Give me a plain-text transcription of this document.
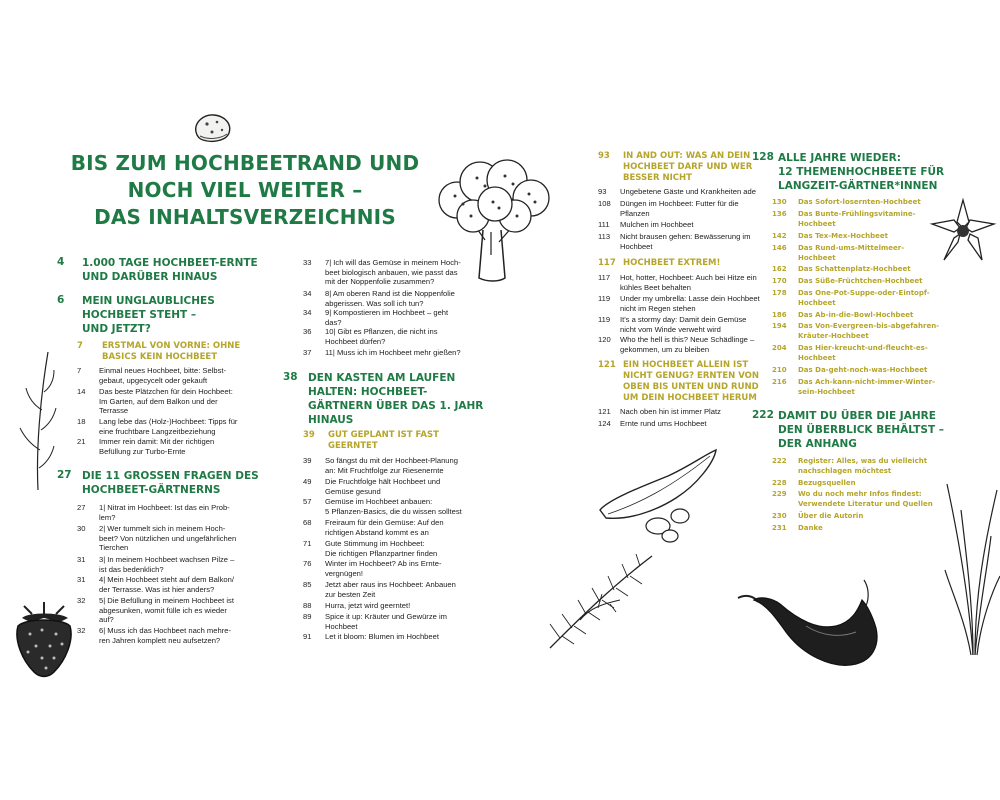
BIS ZUM HOCHBEETRAND UND
NOCH VIEL WEITER –
DAS INHALTSVERZEICHNIS
4	1.000 TAGE HOCHBEET-ERNTE
UND DARÜBER HINAUS
6	MEIN UNGLAUBLICHES
HOCHBEET STEHT –
UND JETZT?
7	ERSTMAL VON VORNE: OHNE
BASICS KEIN HOCHBEET
7	Einmal neues Hochbeet, bitte: Selbst-
gebaut, upgecycelt oder gekauft
14	Das beste Plätzchen für dein Hochbeet:
Im Garten, auf dem Balkon und der
Terrasse
18	Lang lebe das (Holz-)Hochbeet: Tipps für
eine fruchtbare Langzeitbeziehung
21	Immer rein damit: Mit der richtigen
Befüllung zur Turbo-Ernte
27 DIE 11 GROSSEN FRAGEN DES
HOCHBEET-GÄRTNERNS
27	1| Nitrat im Hochbeet: Ist das ein Prob-
lem?
30	2| Wer tummelt sich in meinem Hoch-
beet? Von nützlichen und ungefährlichen
Tierchen
31	3| In meinem Hochbeet wachsen Pilze –
ist das bedenklich?
31	4| Mein Hochbeet steht auf dem Balkon/
der Terrasse. Was ist hier anders?
32	5| Die Befüllung in meinem Hochbeet ist
abgesunken, womit fülle ich es wieder
auf?
32	6| Muss ich das Hochbeet nach mehre-
ren Jahren komplett neu aufsetzen?
33	7| Ich will das Gemüse in meinem Hoch-
beet biologisch anbauen, wie passt das
mit der Noppenfolie zusammen?
34	8| Am oberen Rand ist die Noppenfolie
abgerissen. Was soll ich tun?
34	9| Kompostieren im Hochbeet – geht
das?
36	10| Gibt es Pflanzen, die nicht ins
Hochbeet dürfen?
37	11| Muss ich im Hochbeet mehr gießen?
38 DEN KASTEN AM LAUFEN
HALTEN: HOCHBEET-
GÄRTNERN ÜBER DAS 1. JAHR
HINAUS
39	GUT GEPLANT IST FAST
GEERNTET
39	So fängst du mit der Hochbeet-Planung
an: Mit Fruchtfolge zur Riesenernte
49	Die Fruchtfolge hält Hochbeet und
Gemüse gesund
57	Gemüse im Hochbeet anbauen:
5 Pflanzen-Basics, die du wissen solltest
68	Freiraum für dein Gemüse: Auf den
richtigen Abstand kommt es an
71	Gute Stimmung im Hochbeet:
Die richtigen Pflanzpartner finden
76	Winter im Hochbeet? Ab ins Ernte-
vergnügen!
85	Jetzt aber raus ins Hochbeet: Anbauen
zur besten Zeit
88	Hurra, jetzt wird geerntet!
89	Spice it up: Kräuter und Gewürze im
Hochbeet
91	Let it bloom: Blumen im Hochbeet
93	IN AND OUT: WAS AN DEIN
HOCHBEET DARF UND WER
BESSER NICHT
93	Ungebetene Gäste und Krankheiten ade
108	Düngen im Hochbeet: Futter für die
Pflanzen
111	Mulchen im Hochbeet
113	Nicht brausen gehen: Bewässerung im
Hochbeet
117 HOCHBEET EXTREM!
117	Hot, hotter, Hochbeet: Auch bei Hitze ein
kühles Beet behalten
119	Under my umbrella: Lasse dein Hochbeet
nicht im Regen stehen
119	It's a stormy day: Damit dein Gemüse
nicht vom Winde verweht wird
120	Who the hell is this? Neue Schädlinge –
gekommen, um zu bleiben
121 EIN HOCHBEET ALLEIN IST
NICHT GENUG? ERNTEN VON
OBEN BIS UNTEN UND RUND
UM DEIN HOCHBEET HERUM
121	Nach oben hin ist immer Platz
124	Ernte rund ums Hochbeet
128 ALLE JAHRE WIEDER:
12 THEMENHOCHBEETE FÜR
LANGZEIT-GÄRTNER*INNEN
130	Das Sofort-losernten-Hochbeet
136	Das Bunte-Frühlingsvitamine-
Hochbeet
142	Das Tex-Mex-Hochbeet
146	Das Rund-ums-Mittelmeer-
Hochbeet
162	Das Schattenplatz-Hochbeet
170	Das Süße-Früchtchen-Hochbeet
178	Das One-Pot-Suppe-oder-Eintopf-
Hochbeet
186	Das Ab-in-die-Bowl-Hochbeet
194	Das Von-Evergreen-bis-abgefahren-
Kräuter-Hochbeet
204	Das Hier-kreucht-und-fleucht-es-
Hochbeet
210	Das Da-geht-noch-was-Hochbeet
216	Das Ach-kann-nicht-immer-Winter-
sein-Hochbeet
222 DAMIT DU ÜBER DIE JAHRE
DEN ÜBERBLICK BEHÄLTST –
DER ANHANG
222	Register: Alles, was du vielleicht
nachschlagen möchtest
228	Bezugsquellen
229	Wo du noch mehr Infos findest:
Verwendete Literatur und Quellen
230	Über die Autorin
231	Danke
